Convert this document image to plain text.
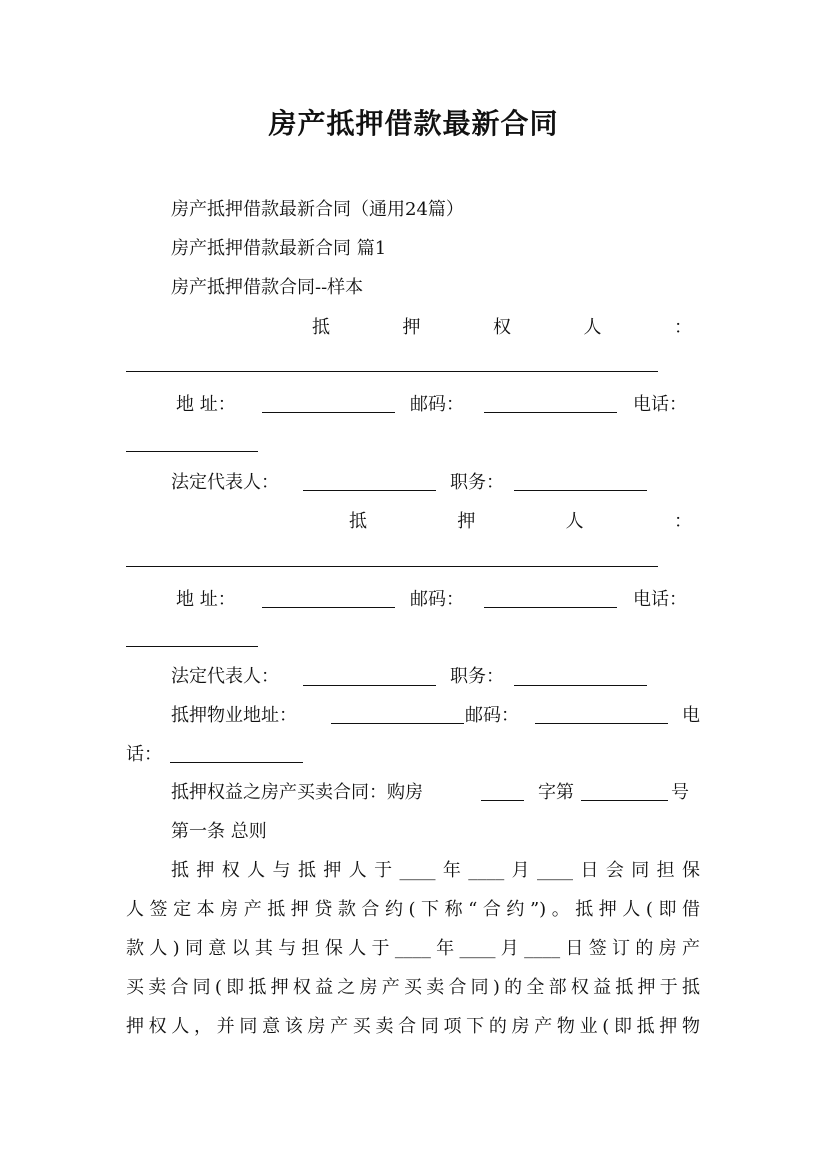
房产抵押借款最新合同
房产抵押借款最新合同（通用24篇）
房产抵押借款最新合同 篇1
房产抵押借款合同--样本
抵	押	权	人	：
地 址：	邮码：	电话：
法定代表人：	职务：
抵	押	人	：
地 址：	邮码：	电话：
法定代表人：	职务：
抵押物业地址：	邮码：	电
话：
抵押权益之房产买卖合同：购房	字第	号
第一条 总则
抵押权人与抵押人于____年____月____日会同担保
人签定本房产抵押贷款合约(下称“合约”)。抵押人(即借
款人)同意以其与担保人于____年____月____日签订的房产
买卖合同(即抵押权益之房产买卖合同)的全部权益抵押于抵
押权人，并同意该房产买卖合同项下的房产物业(即抵押物
